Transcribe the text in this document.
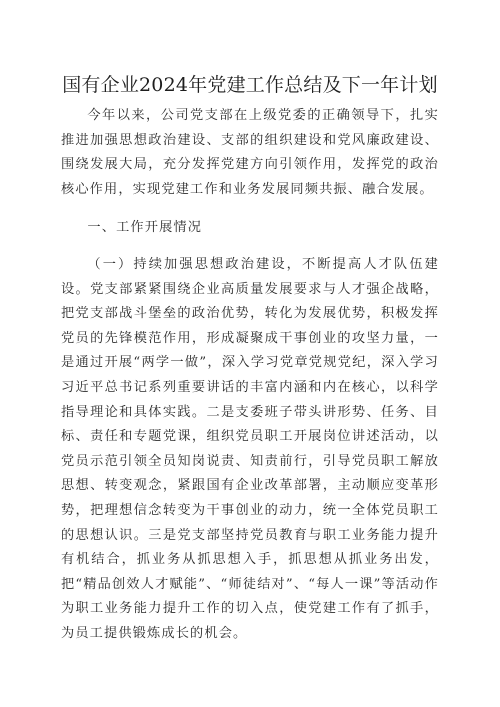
国有企业2024年党建工作总结及下一年计划

今年以来，公司党支部在上级党委的正确领导下，扎实推进加强思想政治建设、支部的组织建设和党风廉政建设、围绕发展大局，充分发挥党建方向引领作用，发挥党的政治核心作用，实现党建工作和业务发展同频共振、融合发展。

一、工作开展情况

（一）持续加强思想政治建设，不断提高人才队伍建设。党支部紧紧围绕企业高质量发展要求与人才强企战略，把党支部战斗堡垒的政治优势，转化为发展优势，积极发挥党员的先锋模范作用，形成凝聚成干事创业的攻坚力量，一是通过开展“两学一做”，深入学习党章党规党纪，深入学习习近平总书记系列重要讲话的丰富内涵和内在核心，以科学指导理论和具体实践。二是支委班子带头讲形势、任务、目标、责任和专题党课，组织党员职工开展岗位讲述活动，以党员示范引领全员知岗说责、知责前行，引导党员职工解放思想、转变观念，紧跟国有企业改革部署，主动顺应变革形势，把理想信念转变为干事创业的动力，统一全体党员职工的思想认识。三是党支部坚持党员教育与职工业务能力提升有机结合，抓业务从抓思想入手，抓思想从抓业务出发，把“精品创效人才赋能”、“师徒结对”、“每人一课”等活动作为职工业务能力提升工作的切入点，使党建工作有了抓手，为员工提供锻炼成长的机会。
